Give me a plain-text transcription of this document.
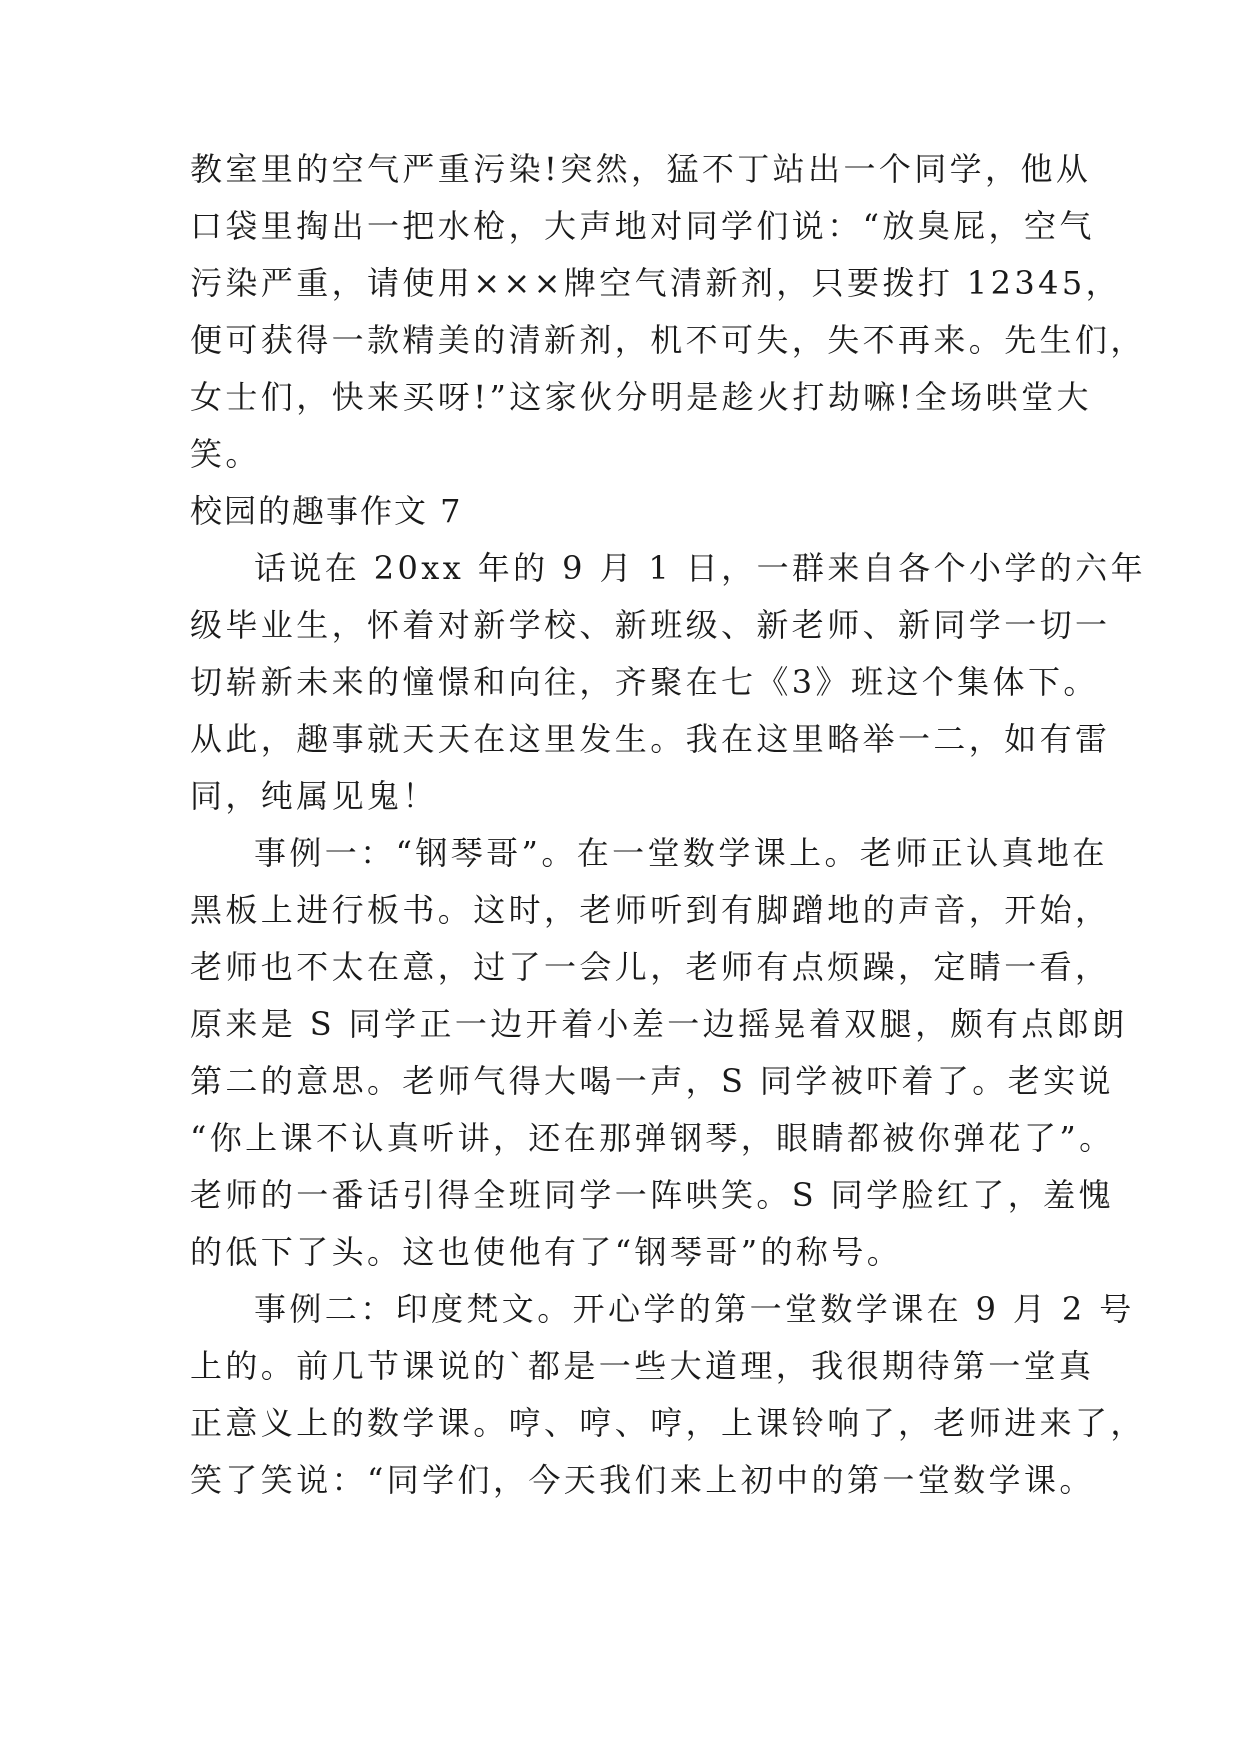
教室里的空气严重污染!突然，猛不丁站出一个同学，他从

口袋里掏出一把水枪，大声地对同学们说：“放臭屁，空气

污染严重，请使用×××牌空气清新剂，只要拨打 12345，

便可获得一款精美的清新剂，机不可失，失不再来。先生们，

女士们，快来买呀!”这家伙分明是趁火打劫嘛!全场哄堂大

笑。

校园的趣事作文 7

话说在 20xx 年的 9 月 1 日，一群来自各个小学的六年

级毕业生，怀着对新学校、新班级、新老师、新同学一切一

切崭新未来的憧憬和向往，齐聚在七《3》班这个集体下。

从此，趣事就天天在这里发生。我在这里略举一二，如有雷

同，纯属见鬼！

事例一：“钢琴哥”。在一堂数学课上。老师正认真地在

黑板上进行板书。这时，老师听到有脚蹭地的声音，开始，

老师也不太在意，过了一会儿，老师有点烦躁，定睛一看，

原来是 S 同学正一边开着小差一边摇晃着双腿，颇有点郎朗

第二的意思。老师气得大喝一声，S 同学被吓着了。老实说

“你上课不认真听讲，还在那弹钢琴，眼睛都被你弹花了”。

老师的一番话引得全班同学一阵哄笑。S 同学脸红了，羞愧

的低下了头。这也使他有了“钢琴哥”的称号。

事例二：印度梵文。开心学的第一堂数学课在 9 月 2 号

上的。前几节课说的`都是一些大道理，我很期待第一堂真

正意义上的数学课。哼、哼、哼，上课铃响了，老师进来了，

笑了笑说：“同学们，今天我们来上初中的第一堂数学课。
